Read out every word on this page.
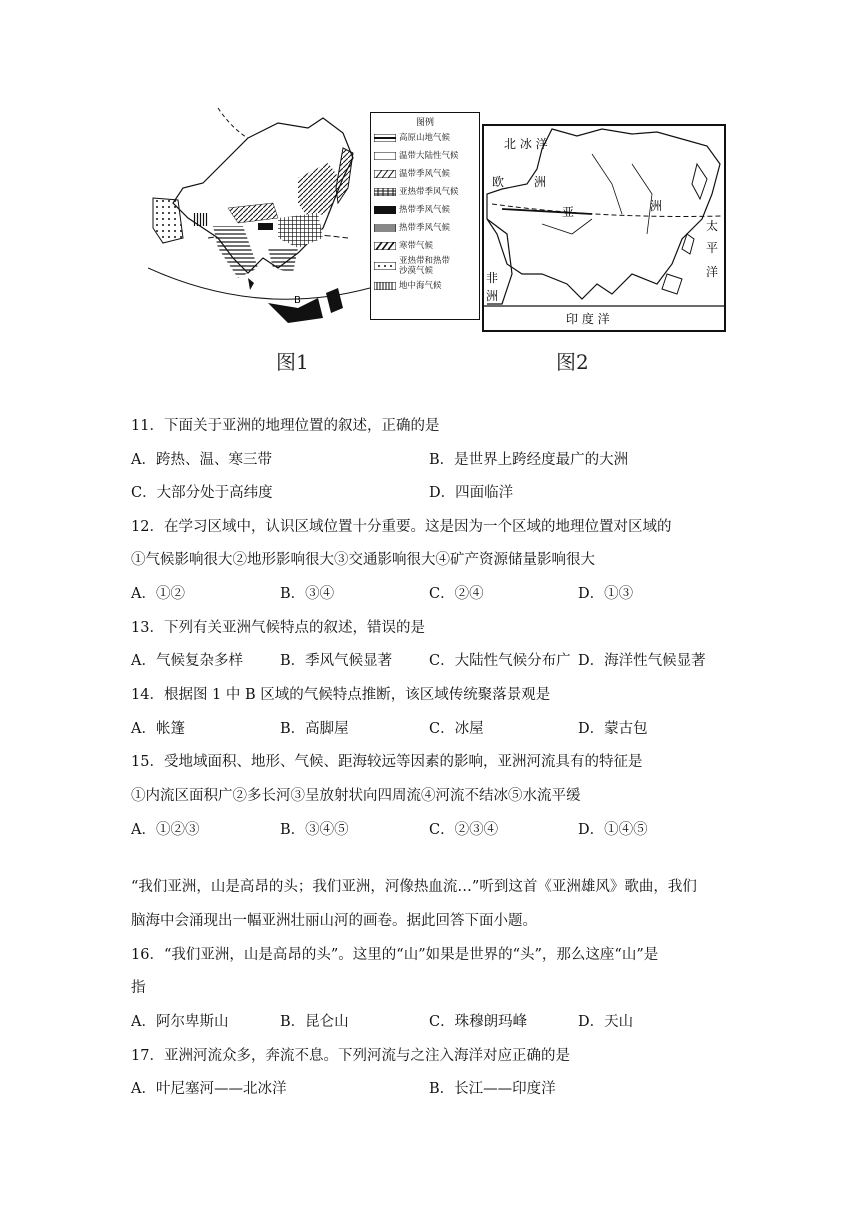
B
图例
高原山地气候
温带大陆性气候
温带季风气候
亚热带季风气候
热带季风气候
热带季风气候
寒带气候
亚热带和热带
沙漠气候
地中海气候
北 冰 洋
欧 洲
亚	洲
太
平
洋
非
洲
印 度 洋
图1	图2
11．下面关于亚洲的地理位置的叙述，正确的是
A．跨热、温、寒三带	B．是世界上跨经度最广的大洲
C．大部分处于高纬度	D．四面临洋
12．在学习区域中，认识区域位置十分重要。这是因为一个区域的地理位置对区域的
①气候影响很大②地形影响很大③交通影响很大④矿产资源储量影响很大
A．①②	B．③④	C．②④	D．①③
13．下列有关亚洲气候特点的叙述，错误的是
A．气候复杂多样	B．季风气候显著	C．大陆性气候分布广 D．海洋性气候显著
14．根据图 1 中 B 区域的气候特点推断，该区域传统聚落景观是
A．帐篷	B．高脚屋	C．冰屋	D．蒙古包
15．受地域面积、地形、气候、距海较远等因素的影响，亚洲河流具有的特征是
①内流区面积广②多长河③呈放射状向四周流④河流不结冰⑤水流平缓
A．①②③	B．③④⑤	C．②③④	D．①④⑤
“我们亚洲，山是高昂的头；我们亚洲，河像热血流…”听到这首《亚洲雄风》歌曲，我们
脑海中会涌现出一幅亚洲壮丽山河的画卷。据此回答下面小题。
16．“我们亚洲，山是高昂的头”。这里的“山”如果是世界的“头”，那么这座“山”是
指
A．阿尔卑斯山	B．昆仑山	C．珠穆朗玛峰	D．天山
17．亚洲河流众多，奔流不息。下列河流与之注入海洋对应正确的是
A．叶尼塞河——北冰洋	B．长江——印度洋
